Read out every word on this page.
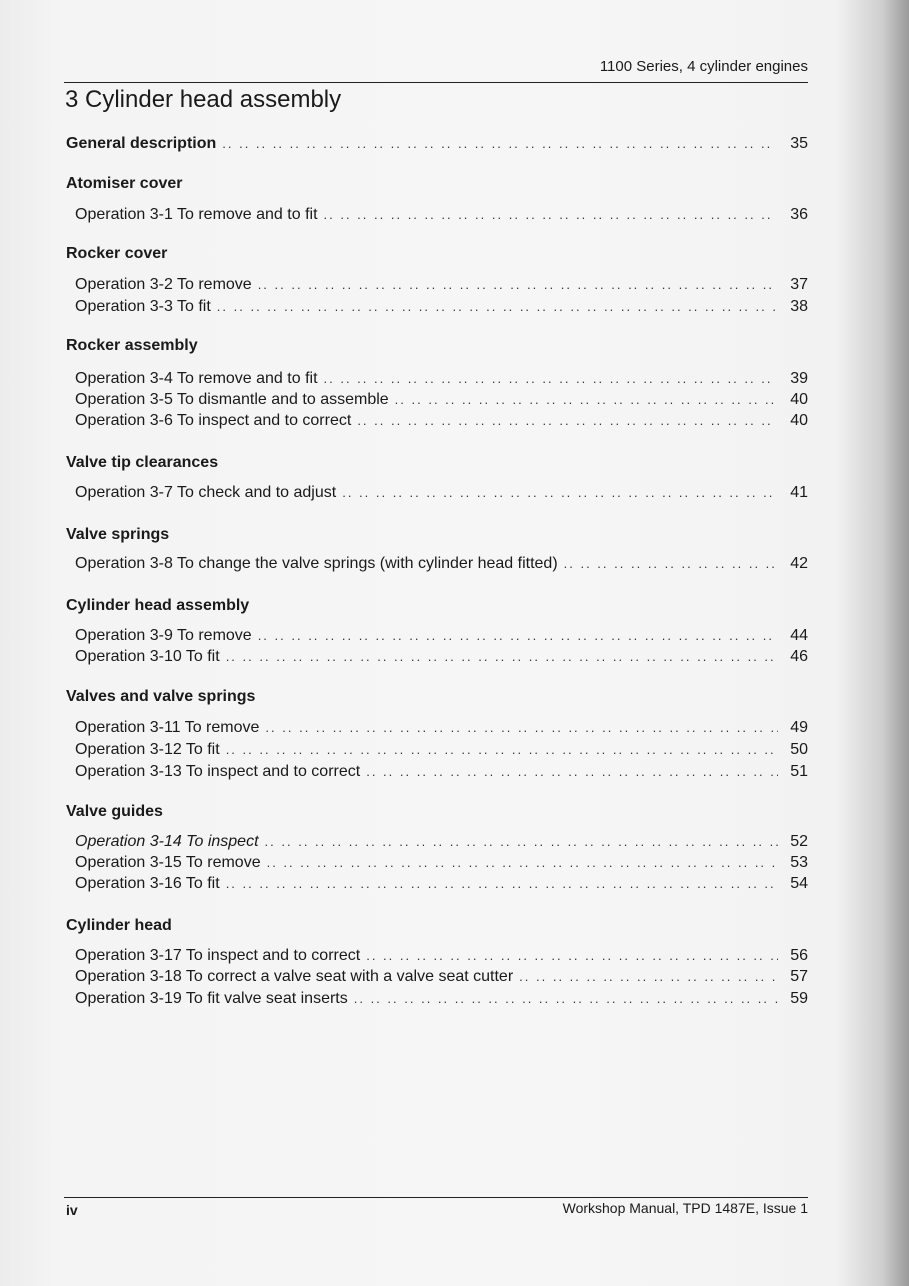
1100 Series, 4 cylinder engines
3 Cylinder head assembly
General description .. ..	35
Atomiser cover
Operation 3-1 To remove and to fit .. ..	36
Rocker cover
Operation 3-2 To remove .. ..	37
Operation 3-3 To fit .. ..	38
Rocker assembly
Operation 3-4 To remove and to fit .. ..	39
Operation 3-5 To dismantle and to assemble .. ..	40
Operation 3-6 To inspect and to correct .. ..	40
Valve tip clearances
Operation 3-7 To check and to adjust .. ..	41
Valve springs
Operation 3-8 To change the valve springs (with cylinder head fitted) .. ..	42
Cylinder head assembly
Operation 3-9 To remove .. ..	44
Operation 3-10 To fit .. ..	46
Valves and valve springs
Operation 3-11 To remove .. ..	49
Operation 3-12 To fit .. ..	50
Operation 3-13 To inspect and to correct .. ..	51
Valve guides
Operation 3-14 To inspect .. ..	52
Operation 3-15 To remove .. ..	53
Operation 3-16 To fit .. ..	54
Cylinder head
Operation 3-17 To inspect and to correct .. ..	56
Operation 3-18 To correct a valve seat with a valve seat cutter .. ..	57
Operation 3-19 To fit valve seat inserts .. ..	59
iv	Workshop Manual, TPD 1487E, Issue 1
